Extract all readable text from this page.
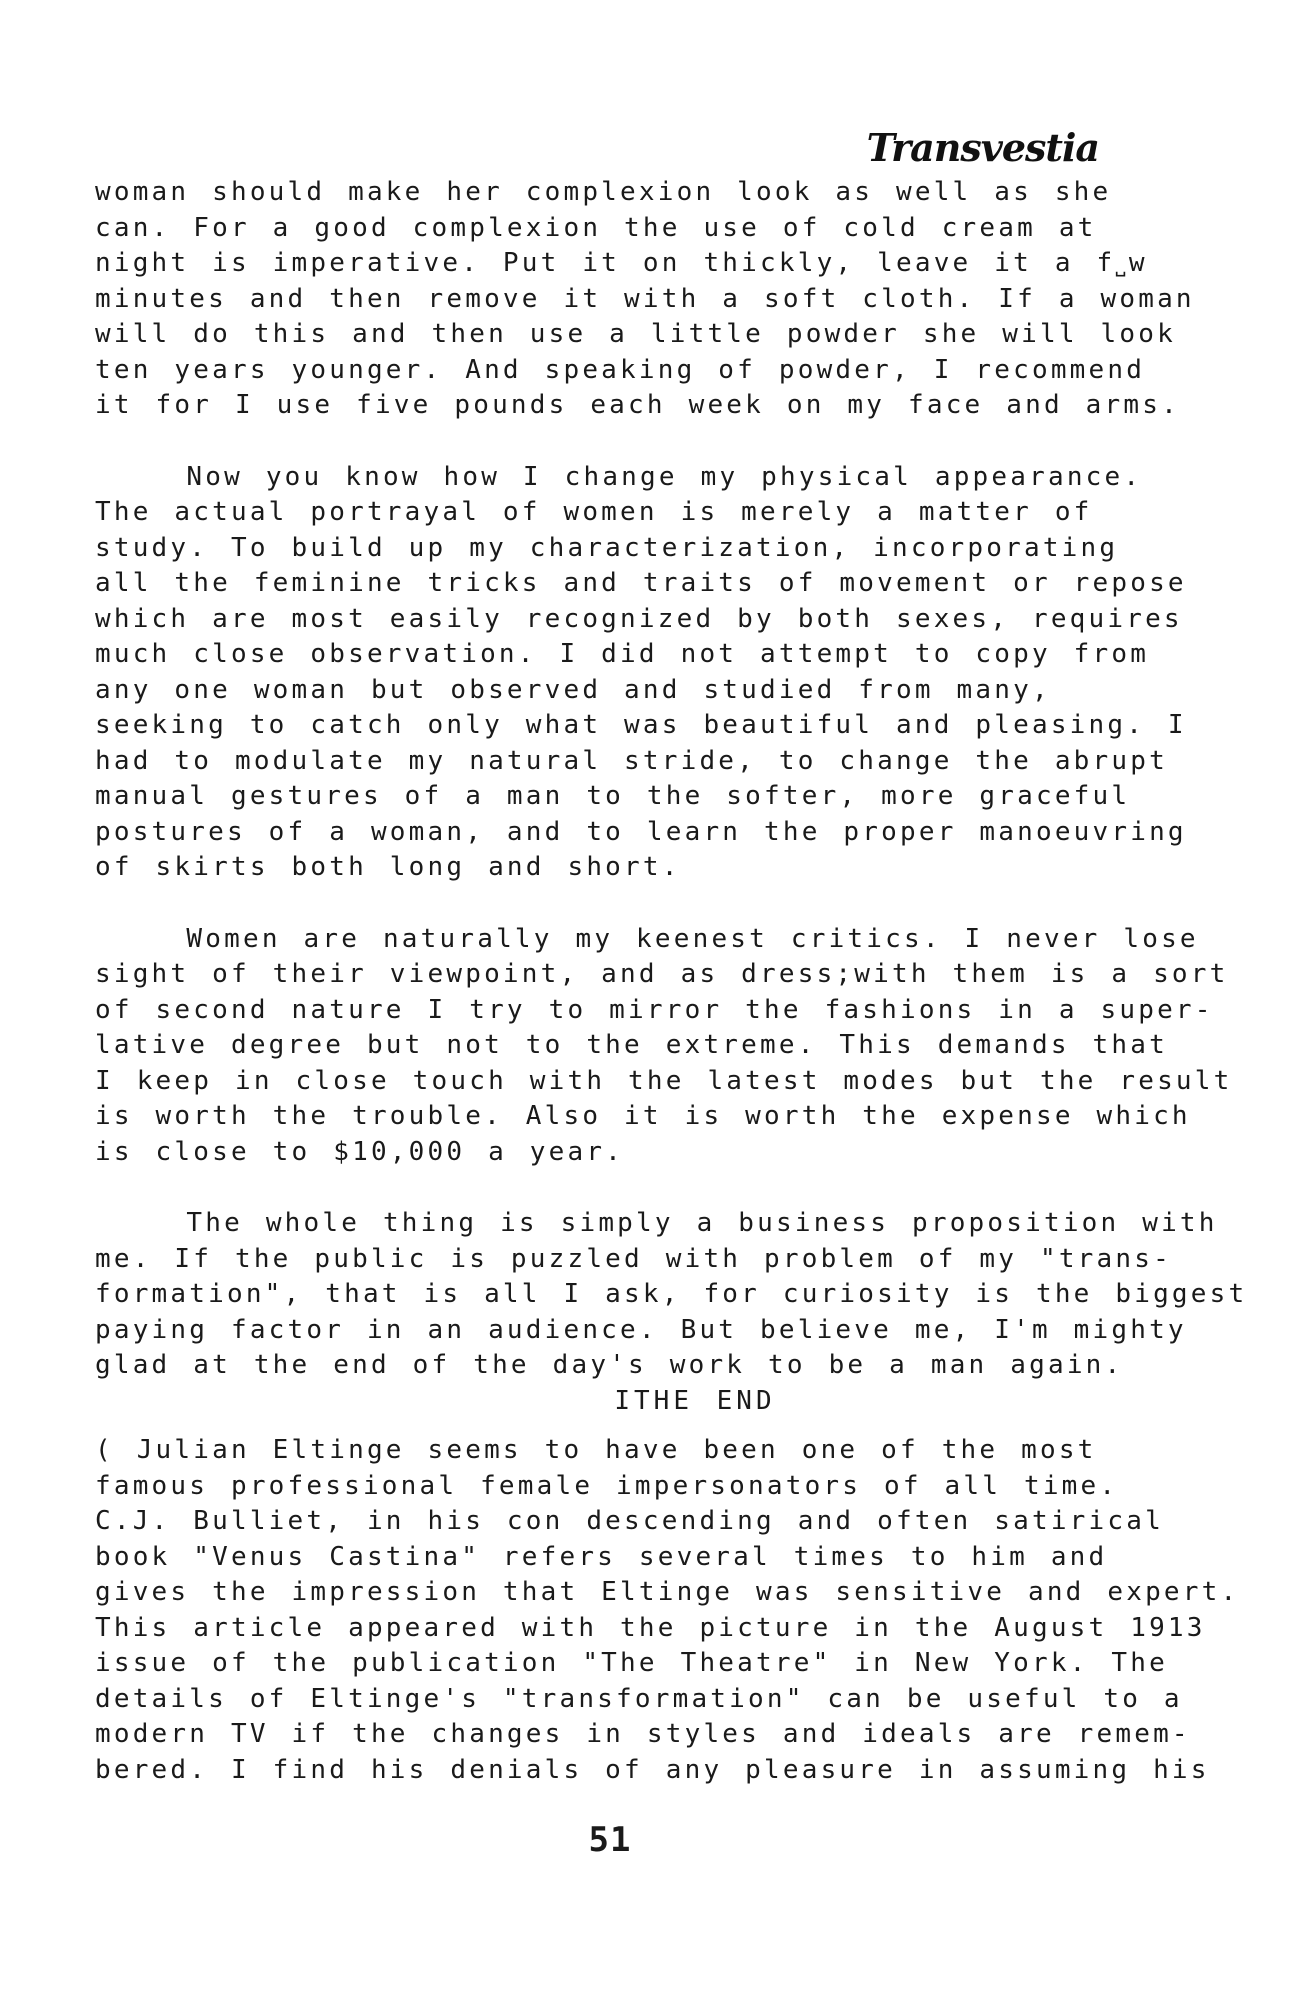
Transvestia

woman should make her complexion look as well as she

can. For a good complexion the use of cold cream at

night is imperative. Put it on thickly, leave it a f˽w

minutes and then remove it with a soft cloth. If a woman

will do this and then use a little powder she will look

ten years younger. And speaking of powder, I recommend

it for I use five pounds each week on my face and arms.

Now you know how I change my physical appearance.

The actual portrayal of women is merely a matter of

study. To build up my characterization, incorporating

all the feminine tricks and traits of movement or repose

which are most easily recognized by both sexes, requires

much close observation. I did not attempt to copy from

any one woman but observed and studied from many,

seeking to catch only what was beautiful and pleasing. I

had to modulate my natural stride, to change the abrupt

manual gestures of a man to the softer, more graceful

postures of a woman, and to learn the proper manoeuvring

of skirts both long and short.

Women are naturally my keenest critics. I never lose

sight of their viewpoint, and as dress;with them is a sort

of second nature I try to mirror the fashions in a super-

lative degree but not to the extreme. This demands that

I keep in close touch with the latest modes but the result

is worth the trouble. Also it is worth the expense which

is close to $10,000 a year.

The whole thing is simply a business proposition with

me. If the public is puzzled with problem of my "trans-

formation", that is all I ask, for curiosity is the biggest

paying factor in an audience. But believe me, I'm mighty

glad at the end of the day's work to be a man again.

ITHE END

( Julian Eltinge seems to have been one of the most

famous professional female impersonators of all time.

C.J. Bulliet, in his con descending and often satirical

book "Venus Castina" refers several times to him and

gives the impression that Eltinge was sensitive and expert.

This article appeared with the picture in the August 1913

issue of the publication "The Theatre" in New York. The

details of Eltinge's "transformation" can be useful to a

modern TV if the changes in styles and ideals are remem-

bered. I find his denials of any pleasure in assuming his

51
